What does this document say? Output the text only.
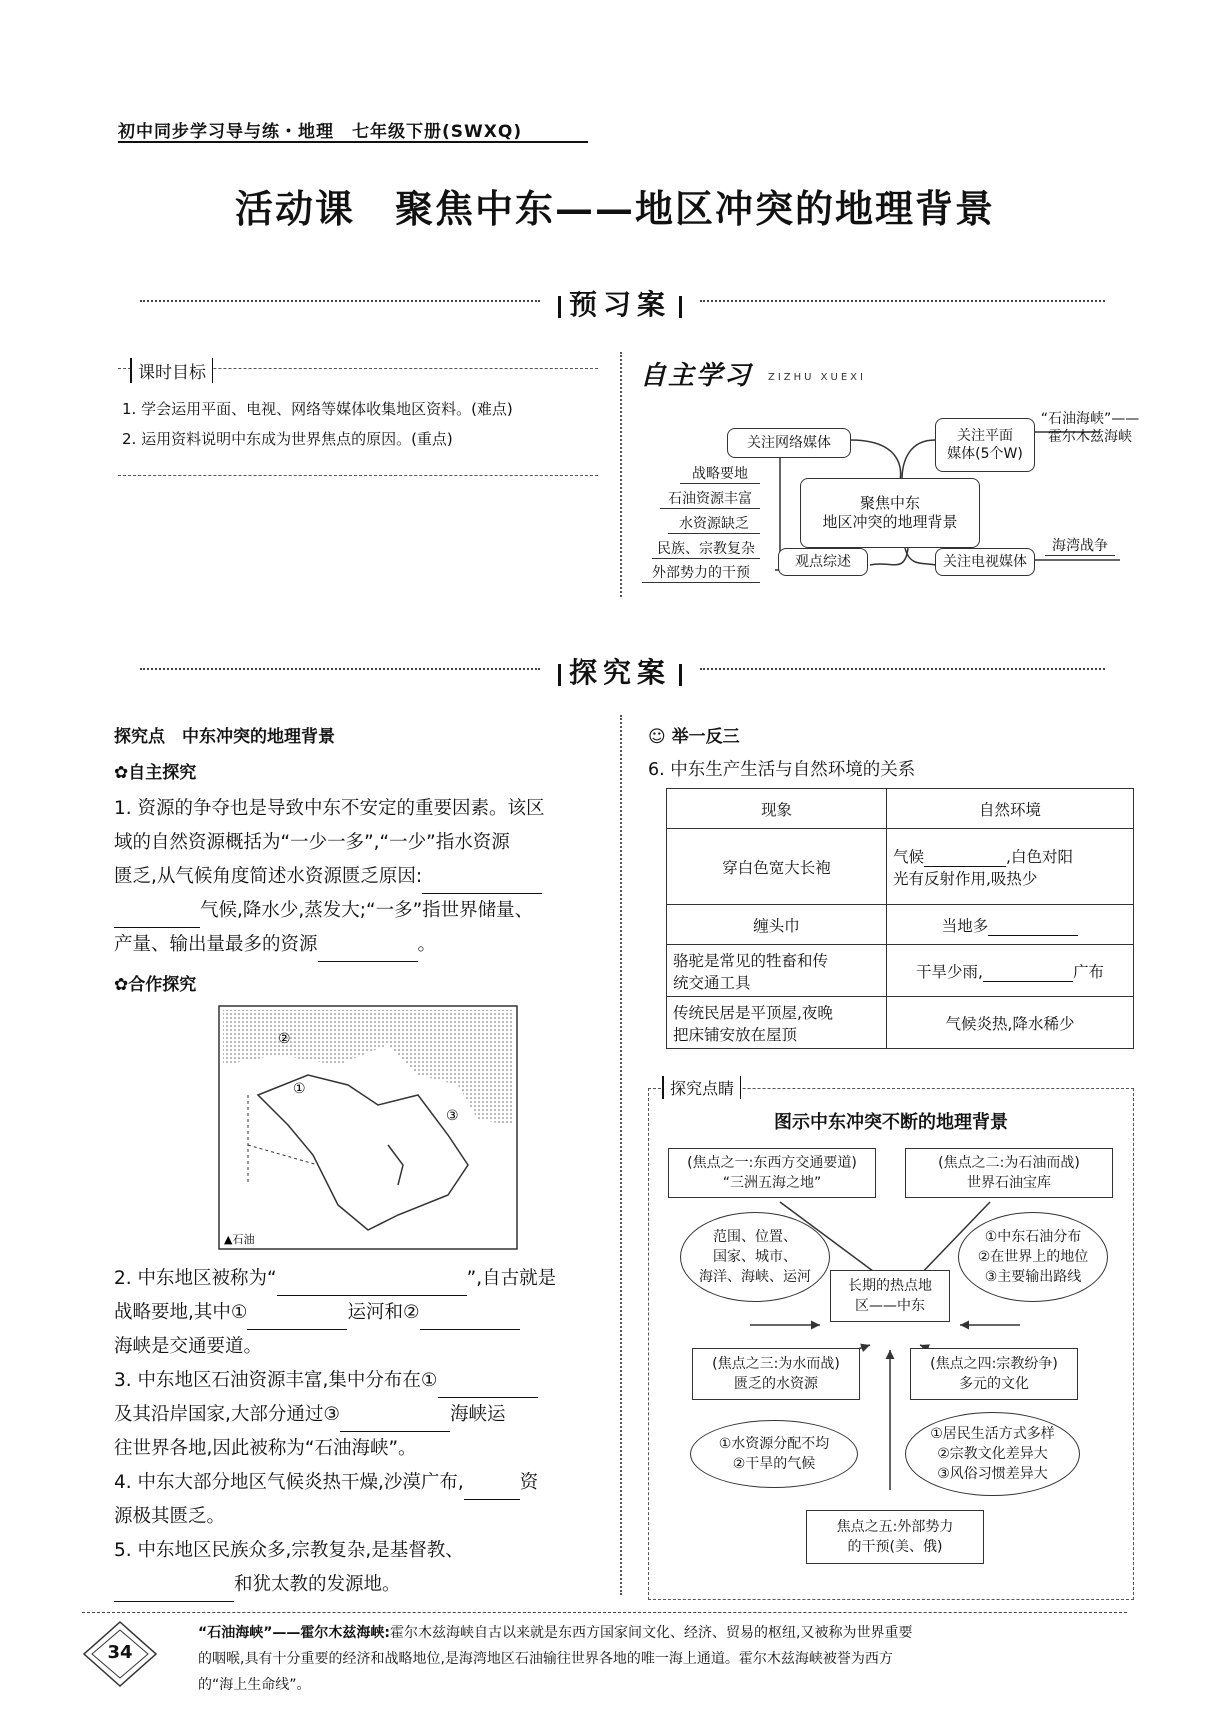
初中同步学习导与练・地理　七年级下册(SWXQ)
活动课　聚焦中东——地区冲突的地理背景
预习案
课时目标
1. 学会运用平面、电视、网络等媒体收集地区资料。(难点)
2. 运用资料说明中东成为世界焦点的原因。(重点)
自主学习 ZIZHU XUEXI
关注网络媒体	关注平面
媒体(5个W)
“石油海峡”——
霍尔木兹海峡
聚焦中东
地区冲突的地理背景
观点综述	关注电视媒体
海湾战争
战略要地
石油资源丰富
水资源缺乏
民族、宗教复杂
外部势力的干预
探究案
探究点　中东冲突的地理背景
✿自主探究
1. 资源的争夺也是导致中东不安定的重要因素。该区
域的自然资源概括为“一少一多”,“一少”指水资源
匮乏,从气候角度简述水资源匮乏原因:
气候,降水少,蒸发大;“一多”指世界储量、
产量、输出量最多的资源	。
✿合作探究
②
①
③
▲石油
2. 中东地区被称为“	”,自古就是
战略要地,其中①	运河和②
海峡是交通要道。
3. 中东地区石油资源丰富,集中分布在①
及其沿岸国家,大部分通过③	海峡运
往世界各地,因此被称为“石油海峡”。
4. 中东大部分地区气候炎热干燥,沙漠广布,	资
源极其匮乏。
5. 中东地区民族众多,宗教复杂,是基督教、
和犹太教的发源地。
☺ 举一反三
6. 中东生产生活与自然环境的关系
现象	自然环境
穿白色宽大长袍	气候 ,白色对阳
光有反射作用,吸热少
缠头巾	当地多
骆驼是常见的牲畜和传
统交通工具	干旱少雨, 广布
传统民居是平顶屋,夜晚
把床铺安放在屋顶	气候炎热,降水稀少
探究点睛
图示中东冲突不断的地理背景
(焦点之一:东西方交通要道)
“三洲五海之地”
(焦点之二:为石油而战)
世界石油宝库
范围、位置、
国家、城市、
海洋、海峡、运河
①中东石油分布
②在世界上的地位
③主要输出路线
长期的热点地
区——中东
(焦点之三:为水而战)
匮乏的水资源
(焦点之四:宗教纷争)
多元的文化
①水资源分配不均
②干旱的气候
①居民生活方式多样
②宗教文化差异大
③风俗习惯差异大
焦点之五:外部势力
的干预(美、俄)
34
“石油海峡”——霍尔木兹海峡:霍尔木兹海峡自古以来就是东西方国家间文化、经济、贸易的枢纽,又被称为世界重要
的咽喉,具有十分重要的经济和战略地位,是海湾地区石油输往世界各地的唯一海上通道。霍尔木兹海峡被誉为西方
的“海上生命线”。
